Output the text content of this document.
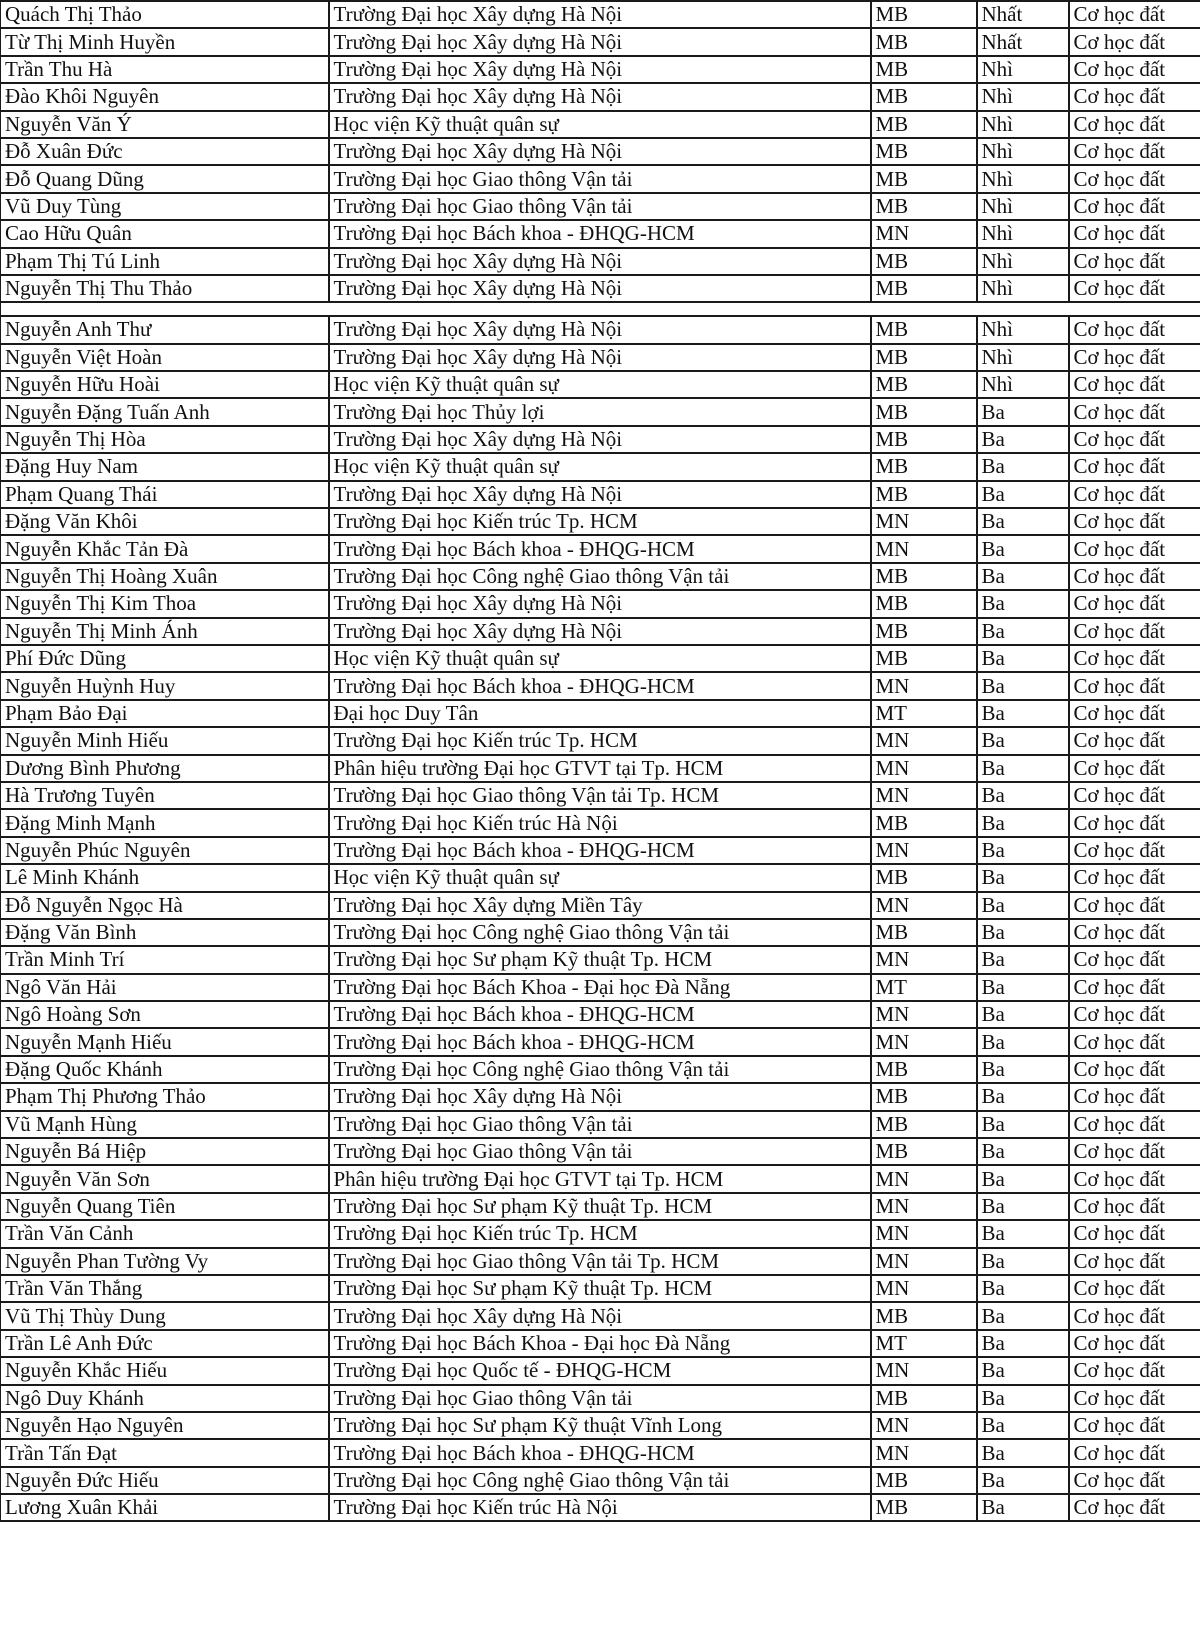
Quách Thị Thảo	Trường Đại học Xây dựng Hà Nội	MB	Nhất	Cơ học đất
Từ Thị Minh Huyền	Trường Đại học Xây dựng Hà Nội	MB	Nhất	Cơ học đất
Trần Thu Hà	Trường Đại học Xây dựng Hà Nội	MB	Nhì	Cơ học đất
Đào Khôi Nguyên	Trường Đại học Xây dựng Hà Nội	MB	Nhì	Cơ học đất
Nguyễn Văn Ý	Học viện Kỹ thuật quân sự	MB	Nhì	Cơ học đất
Đỗ Xuân Đức	Trường Đại học Xây dựng Hà Nội	MB	Nhì	Cơ học đất
Đỗ Quang Dũng	Trường Đại học Giao thông Vận tải	MB	Nhì	Cơ học đất
Vũ Duy Tùng	Trường Đại học Giao thông Vận tải	MB	Nhì	Cơ học đất
Cao Hữu Quân	Trường Đại học Bách khoa - ĐHQG-HCM	MN	Nhì	Cơ học đất
Phạm Thị Tú Linh	Trường Đại học Xây dựng Hà Nội	MB	Nhì	Cơ học đất
Nguyễn Thị Thu Thảo	Trường Đại học Xây dựng Hà Nội	MB	Nhì	Cơ học đất
Nguyễn Anh Thư	Trường Đại học Xây dựng Hà Nội	MB	Nhì	Cơ học đất
Nguyễn Việt Hoàn	Trường Đại học Xây dựng Hà Nội	MB	Nhì	Cơ học đất
Nguyễn Hữu Hoài	Học viện Kỹ thuật quân sự	MB	Nhì	Cơ học đất
Nguyễn Đặng Tuấn Anh	Trường Đại học Thủy lợi	MB	Ba	Cơ học đất
Nguyễn Thị Hòa	Trường Đại học Xây dựng Hà Nội	MB	Ba	Cơ học đất
Đặng Huy Nam	Học viện Kỹ thuật quân sự	MB	Ba	Cơ học đất
Phạm Quang Thái	Trường Đại học Xây dựng Hà Nội	MB	Ba	Cơ học đất
Đặng Văn Khôi	Trường Đại học Kiến trúc Tp. HCM	MN	Ba	Cơ học đất
Nguyễn Khắc Tản Đà	Trường Đại học Bách khoa - ĐHQG-HCM	MN	Ba	Cơ học đất
Nguyễn Thị Hoàng Xuân	Trường Đại học Công nghệ Giao thông Vận tải	MB	Ba	Cơ học đất
Nguyễn Thị Kim Thoa	Trường Đại học Xây dựng Hà Nội	MB	Ba	Cơ học đất
Nguyễn Thị Minh Ánh	Trường Đại học Xây dựng Hà Nội	MB	Ba	Cơ học đất
Phí Đức Dũng	Học viện Kỹ thuật quân sự	MB	Ba	Cơ học đất
Nguyễn Huỳnh Huy	Trường Đại học Bách khoa - ĐHQG-HCM	MN	Ba	Cơ học đất
Phạm Bảo Đại	Đại học Duy Tân	MT	Ba	Cơ học đất
Nguyễn Minh Hiếu	Trường Đại học Kiến trúc Tp. HCM	MN	Ba	Cơ học đất
Dương Bình Phương	Phân hiệu trường Đại học GTVT tại Tp. HCM	MN	Ba	Cơ học đất
Hà Trương Tuyên	Trường Đại học Giao thông Vận tải Tp. HCM	MN	Ba	Cơ học đất
Đặng Minh Mạnh	Trường Đại học Kiến trúc Hà Nội	MB	Ba	Cơ học đất
Nguyễn Phúc Nguyên	Trường Đại học Bách khoa - ĐHQG-HCM	MN	Ba	Cơ học đất
Lê Minh Khánh	Học viện Kỹ thuật quân sự	MB	Ba	Cơ học đất
Đỗ Nguyễn Ngọc Hà	Trường Đại học Xây dựng Miền Tây	MN	Ba	Cơ học đất
Đặng Văn Bình	Trường Đại học Công nghệ Giao thông Vận tải	MB	Ba	Cơ học đất
Trần Minh Trí	Trường Đại học Sư phạm Kỹ thuật Tp. HCM	MN	Ba	Cơ học đất
Ngô Văn Hải	Trường Đại học Bách Khoa - Đại học Đà Nẵng	MT	Ba	Cơ học đất
Ngô Hoàng Sơn	Trường Đại học Bách khoa - ĐHQG-HCM	MN	Ba	Cơ học đất
Nguyễn Mạnh Hiếu	Trường Đại học Bách khoa - ĐHQG-HCM	MN	Ba	Cơ học đất
Đặng Quốc Khánh	Trường Đại học Công nghệ Giao thông Vận tải	MB	Ba	Cơ học đất
Phạm Thị Phương Thảo	Trường Đại học Xây dựng Hà Nội	MB	Ba	Cơ học đất
Vũ Mạnh Hùng	Trường Đại học Giao thông Vận tải	MB	Ba	Cơ học đất
Nguyễn Bá Hiệp	Trường Đại học Giao thông Vận tải	MB	Ba	Cơ học đất
Nguyễn Văn Sơn	Phân hiệu trường Đại học GTVT tại Tp. HCM	MN	Ba	Cơ học đất
Nguyễn Quang Tiên	Trường Đại học Sư phạm Kỹ thuật Tp. HCM	MN	Ba	Cơ học đất
Trần Văn Cảnh	Trường Đại học Kiến trúc Tp. HCM	MN	Ba	Cơ học đất
Nguyễn Phan Tường Vy	Trường Đại học Giao thông Vận tải Tp. HCM	MN	Ba	Cơ học đất
Trần Văn Thắng	Trường Đại học Sư phạm Kỹ thuật Tp. HCM	MN	Ba	Cơ học đất
Vũ Thị Thùy Dung	Trường Đại học Xây dựng Hà Nội	MB	Ba	Cơ học đất
Trần Lê Anh Đức	Trường Đại học Bách Khoa - Đại học Đà Nẵng	MT	Ba	Cơ học đất
Nguyễn Khắc Hiếu	Trường Đại học Quốc tế - ĐHQG-HCM	MN	Ba	Cơ học đất
Ngô Duy Khánh	Trường Đại học Giao thông Vận tải	MB	Ba	Cơ học đất
Nguyễn Hạo Nguyên	Trường Đại học Sư phạm Kỹ thuật Vĩnh Long	MN	Ba	Cơ học đất
Trần Tấn Đạt	Trường Đại học Bách khoa - ĐHQG-HCM	MN	Ba	Cơ học đất
Nguyễn Đức Hiếu	Trường Đại học Công nghệ Giao thông Vận tải	MB	Ba	Cơ học đất
Lương Xuân Khải	Trường Đại học Kiến trúc Hà Nội	MB	Ba	Cơ học đất
